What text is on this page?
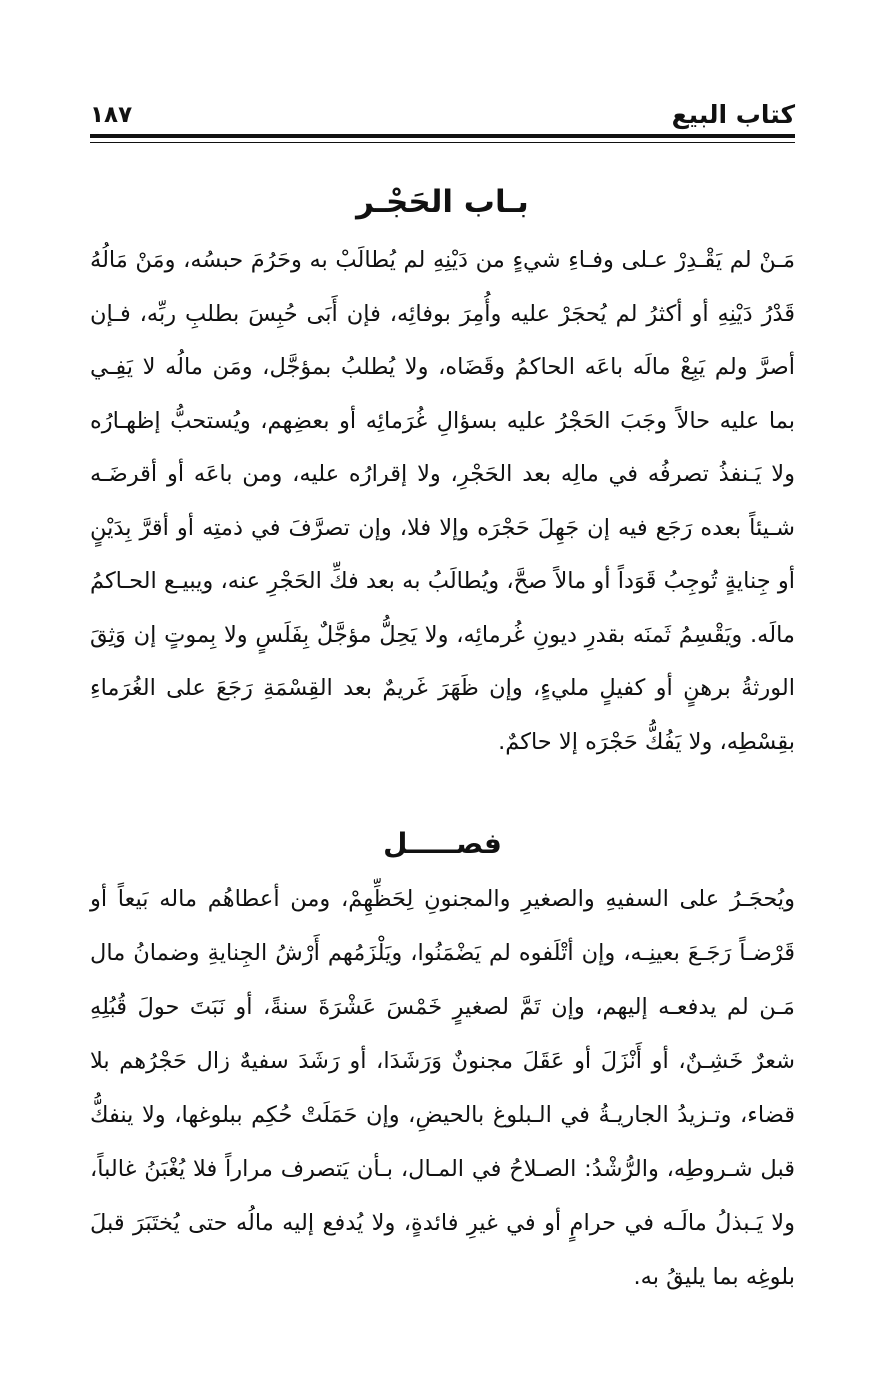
كتاب البيع
١٨٧
بـاب الحَجْـر

مَـنْ لم يَقْـدِرْ عـلى وفـاءِ شيءٍ من دَيْنِهِ لم يُطالَبْ به وحَرُمَ حبسُه، ومَنْ مَالُهُ قَدْرُ دَيْنِهِ أو أكثرُ لم يُحجَرْ عليه وأُمِرَ بوفائِه، فإن أَبَى حُبِسَ بطلبِ ربِّه، فـإن أصرَّ ولم يَبِعْ مالَه باعَه الحاكمُ وقَضَاه، ولا يُطلبُ بمؤجَّل، ومَن مالُه لا يَفِـي بما عليه حالاً وجَبَ الحَجْرُ عليه بسؤالِ غُرَمائِه أو بعضِهم، ويُستحبُّ إظهـارُه ولا يَـنفذُ تصرفُه في مالِه بعد الحَجْرِ، ولا إقرارُه عليه، ومن باعَه أو أقرضَـه شـيئاً بعده رَجَع فيه إن جَهِلَ حَجْرَه وإلا فلا، وإن تصرَّفَ في ذمتِه أو أقرَّ بِدَيْنٍ أو جِنايةٍ تُوجِبُ قَوَداً أو مالاً صحَّ، ويُطالَبُ به بعد فكِّ الحَجْرِ عنه، ويبيـع الحـاكمُ مالَه. ويَقْسِمُ ثَمنَه بقدرِ ديونِ غُرمائِه، ولا يَحِلُّ مؤجَّلٌ بِفَلَسٍ ولا بِموتٍ إن وَثِقَ الورثةُ برهنٍ أو كفيلٍ مليءٍ، وإن ظَهَرَ غَريمٌ بعد القِسْمَةِ رَجَعَ على الغُرَماءِ بقِسْطِه، ولا يَفُكُّ حَجْرَه إلا حاكمٌ.

فصـــــل

ويُحجَـرُ على السفيهِ والصغيرِ والمجنونِ لِحَظِّهِمْ، ومن أعطاهُم ماله بَيعاً أو قَرْضـاً رَجَـعَ بعينِـه، وإن أتْلَفوه لم يَضْمَنُوا، ويَلْزَمُهم أَرْشُ الجِنايةِ وضمانُ مال مَـن لم يدفعـه إليهم، وإن تَمَّ لصغيرٍ خَمْسَ عَشْرَةَ سنةً، أو نَبَتَ حولَ قُبُلِهِ شعرٌ خَشِـنٌ، أو أَنْزَلَ أو عَقَلَ مجنونٌ وَرَشَدَا، أو رَشَدَ سفيهٌ زال حَجْرُهم بلا قضاء، وتـزيدُ الجاريـةُ في الـبلوغ بالحيضِ، وإن حَمَلَتْ حُكِم ببلوغها، ولا ينفكُّ قبل شـروطِه، والرُّشْدُ: الصـلاحُ في المـال، بـأن يَتصرف مراراً فلا يُغْبَنُ غالباً، ولا يَـبذلُ مالَـه في حرامٍ أو في غيرِ فائدةٍ، ولا يُدفع إليه مالُه حتى يُختَبَرَ قبلَ بلوغِه بما يليقُ به.
